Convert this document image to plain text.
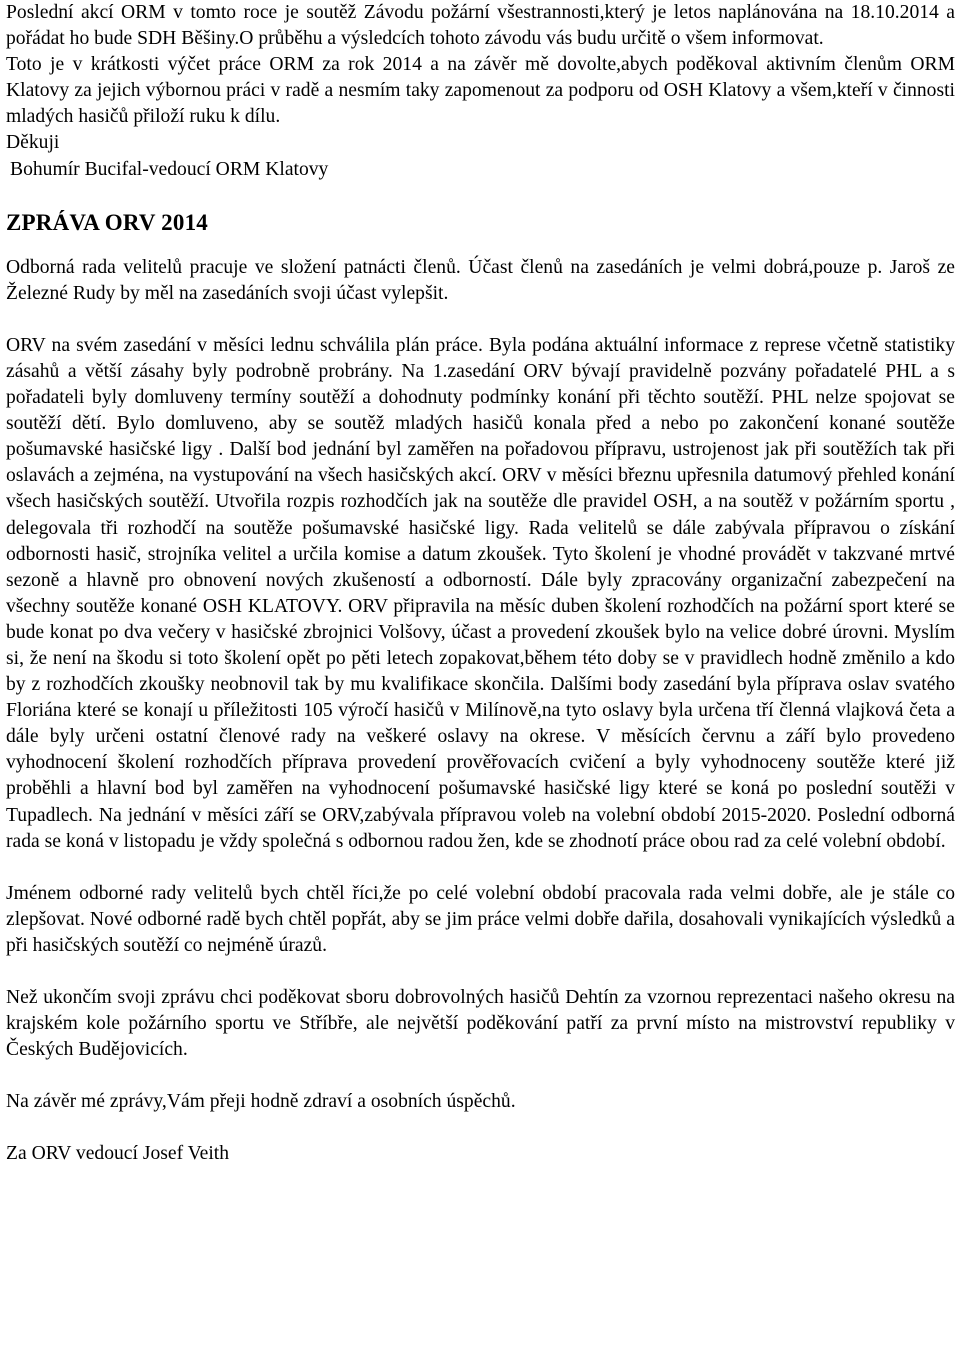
Poslední akcí ORM v tomto roce je soutěž Závodu požární všestrannosti,který je letos naplánována na 18.10.2014 a pořádat ho bude SDH Běšiny.O průběhu a výsledcích tohoto závodu vás budu určitě o všem informovat.

Toto je v krátkosti výčet práce ORM za rok 2014 a na závěr mě dovolte,abych poděkoval aktivním členům ORM Klatovy za jejich výbornou práci v radě a nesmím taky zapomenout za podporu od OSH Klatovy a všem,kteří v činnosti mladých hasičů přiloží ruku k dílu.

Děkuji

Bohumír Bucifal-vedoucí ORM Klatovy

ZPRÁVA ORV 2014

Odborná rada velitelů pracuje ve složení patnácti členů. Účast členů na zasedáních je velmi dobrá,pouze p. Jaroš ze Železné Rudy by měl na zasedáních svoji účast vylepšit.

ORV na svém zasedání v měsíci lednu schválila plán práce. Byla podána aktuální informace z represe včetně statistiky zásahů a větší zásahy byly podrobně probrány. Na 1.zasedání ORV bývají pravidelně pozvány pořadatelé PHL a s pořadateli byly domluveny termíny soutěží a dohodnuty podmínky konání při těchto soutěží. PHL nelze spojovat se soutěží dětí. Bylo domluveno, aby se soutěž mladých hasičů konala před a nebo po zakončení konané soutěže pošumavské hasičské ligy . Další bod jednání byl zaměřen na pořadovou přípravu, ustrojenost jak při soutěžích tak při oslavách a zejména, na vystupování na všech hasičských akcí. ORV v měsíci březnu upřesnila datumový přehled konání všech hasičských soutěží. Utvořila rozpis rozhodčích jak na soutěže dle pravidel OSH, a na soutěž v požárním sportu , delegovala tři rozhodčí na soutěže pošumavské hasičské ligy. Rada velitelů se dále zabývala přípravou o získání odbornosti hasič, strojníka velitel a určila komise a datum zkoušek. Tyto školení je vhodné provádět v takzvané mrtvé sezoně a hlavně pro obnovení nových zkušeností a odborností. Dále byly zpracovány organizační zabezpečení na všechny soutěže konané OSH KLATOVY. ORV připravila na měsíc duben školení rozhodčích na požární sport které se bude konat po dva večery v hasičské zbrojnici Volšovy, účast a provedení zkoušek bylo na velice dobré úrovni. Myslím si, že není na škodu si toto školení opět po pěti letech zopakovat,během této doby se v pravidlech hodně změnilo a kdo by z rozhodčích zkoušky neobnovil tak by mu kvalifikace skončila. Dalšími body zasedání byla příprava oslav svatého Floriána které se konají u příležitosti 105 výročí hasičů v Milínově,na tyto oslavy byla určena tří členná vlajková četa a dále byly určeni ostatní členové rady na veškeré oslavy na okrese. V měsících červnu a září bylo provedeno vyhodnocení školení rozhodčích příprava provedení prověřovacích cvičení a byly vyhodnoceny soutěže které již proběhli a hlavní bod byl zaměřen na vyhodnocení pošumavské hasičské ligy které se koná po poslední soutěži v Tupadlech. Na jednání v měsíci září se ORV,zabývala přípravou voleb na volební období 2015-2020. Poslední odborná rada se koná v listopadu je vždy společná s odbornou radou žen, kde se zhodnotí práce obou rad za celé volební období.

Jménem odborné rady velitelů bych chtěl říci,že po celé volební období pracovala rada velmi dobře, ale je stále co zlepšovat. Nové odborné radě bych chtěl popřát, aby se jim práce velmi dobře dařila, dosahovali vynikajících výsledků a při hasičských soutěží co nejméně úrazů.

Než ukončím svoji zprávu chci poděkovat sboru dobrovolných hasičů Dehtín za vzornou reprezentaci našeho okresu na krajském kole požárního sportu ve Stříbře, ale největší poděkování patří za první místo na mistrovství republiky v Českých Budějovicích.

Na závěr mé zprávy,Vám přeji hodně zdraví a osobních úspěchů.

Za ORV vedoucí Josef Veith
